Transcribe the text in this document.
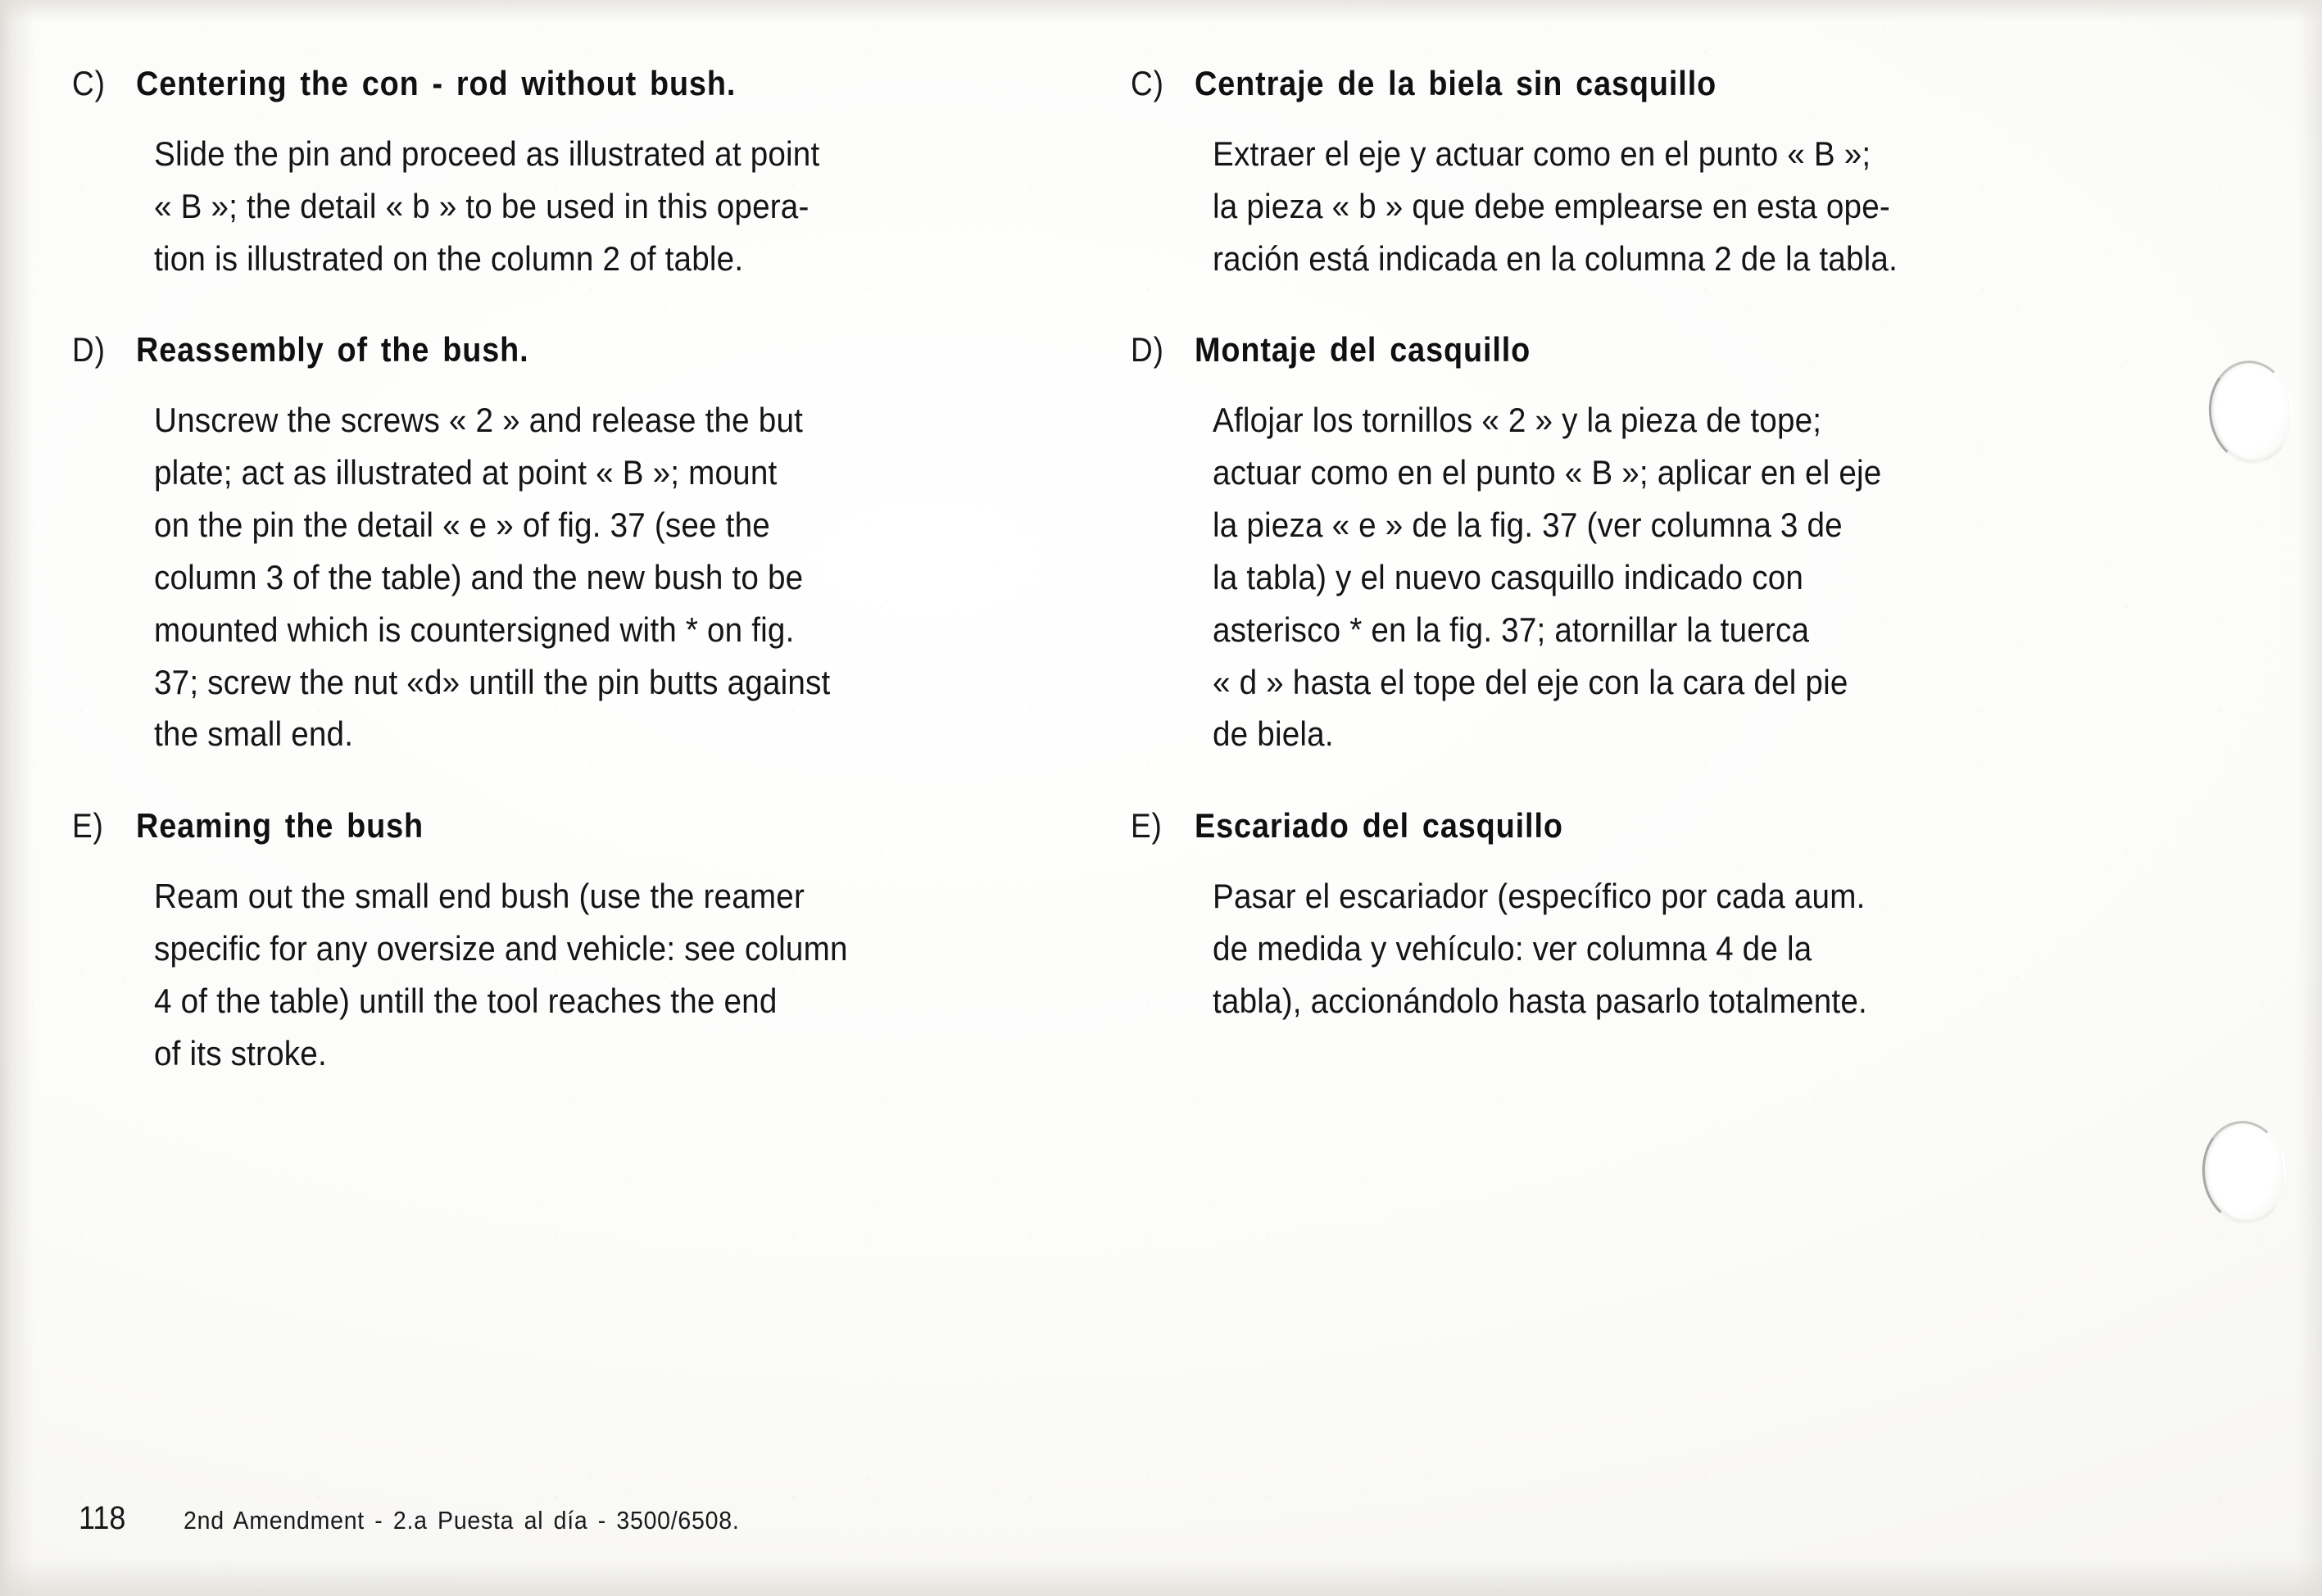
C) Centering the con - rod without bush.
Slide the pin and proceed as illustrated at point
« B »; the detail « b » to be used in this opera-
tion is illustrated on the column 2 of table.
D) Reassembly of the bush.
Unscrew the screws « 2 » and release the but
plate; act as illustrated at point « B »; mount
on the pin the detail « e » of fig. 37 (see the
column 3 of the table) and the new bush to be
mounted which is countersigned with * on fig.
37; screw the nut «d» untill the pin butts against
the small end.
E) Reaming the bush
Ream out the small end bush (use the reamer
specific for any oversize and vehicle: see column
4 of the table) untill the tool reaches the end
of its stroke.
C) Centraje de la biela sin casquillo
Extraer el eje y actuar como en el punto « B »;
la pieza « b » que debe emplearse en esta ope-
ración está indicada en la columna 2 de la tabla.
D) Montaje del casquillo
Aflojar los tornillos « 2 » y la pieza de tope;
actuar como en el punto « B »; aplicar en el eje
la pieza « e » de la fig. 37 (ver columna 3 de
la tabla) y el nuevo casquillo indicado con
asterisco * en la fig. 37; atornillar la tuerca
« d » hasta el tope del eje con la cara del pie
de biela.
E) Escariado del casquillo
Pasar el escariador (específico por cada aum.
de medida y vehículo: ver columna 4 de la
tabla), accionándolo hasta pasarlo totalmente.
118 2nd Amendment - 2.a Puesta al día - 3500/6508.
